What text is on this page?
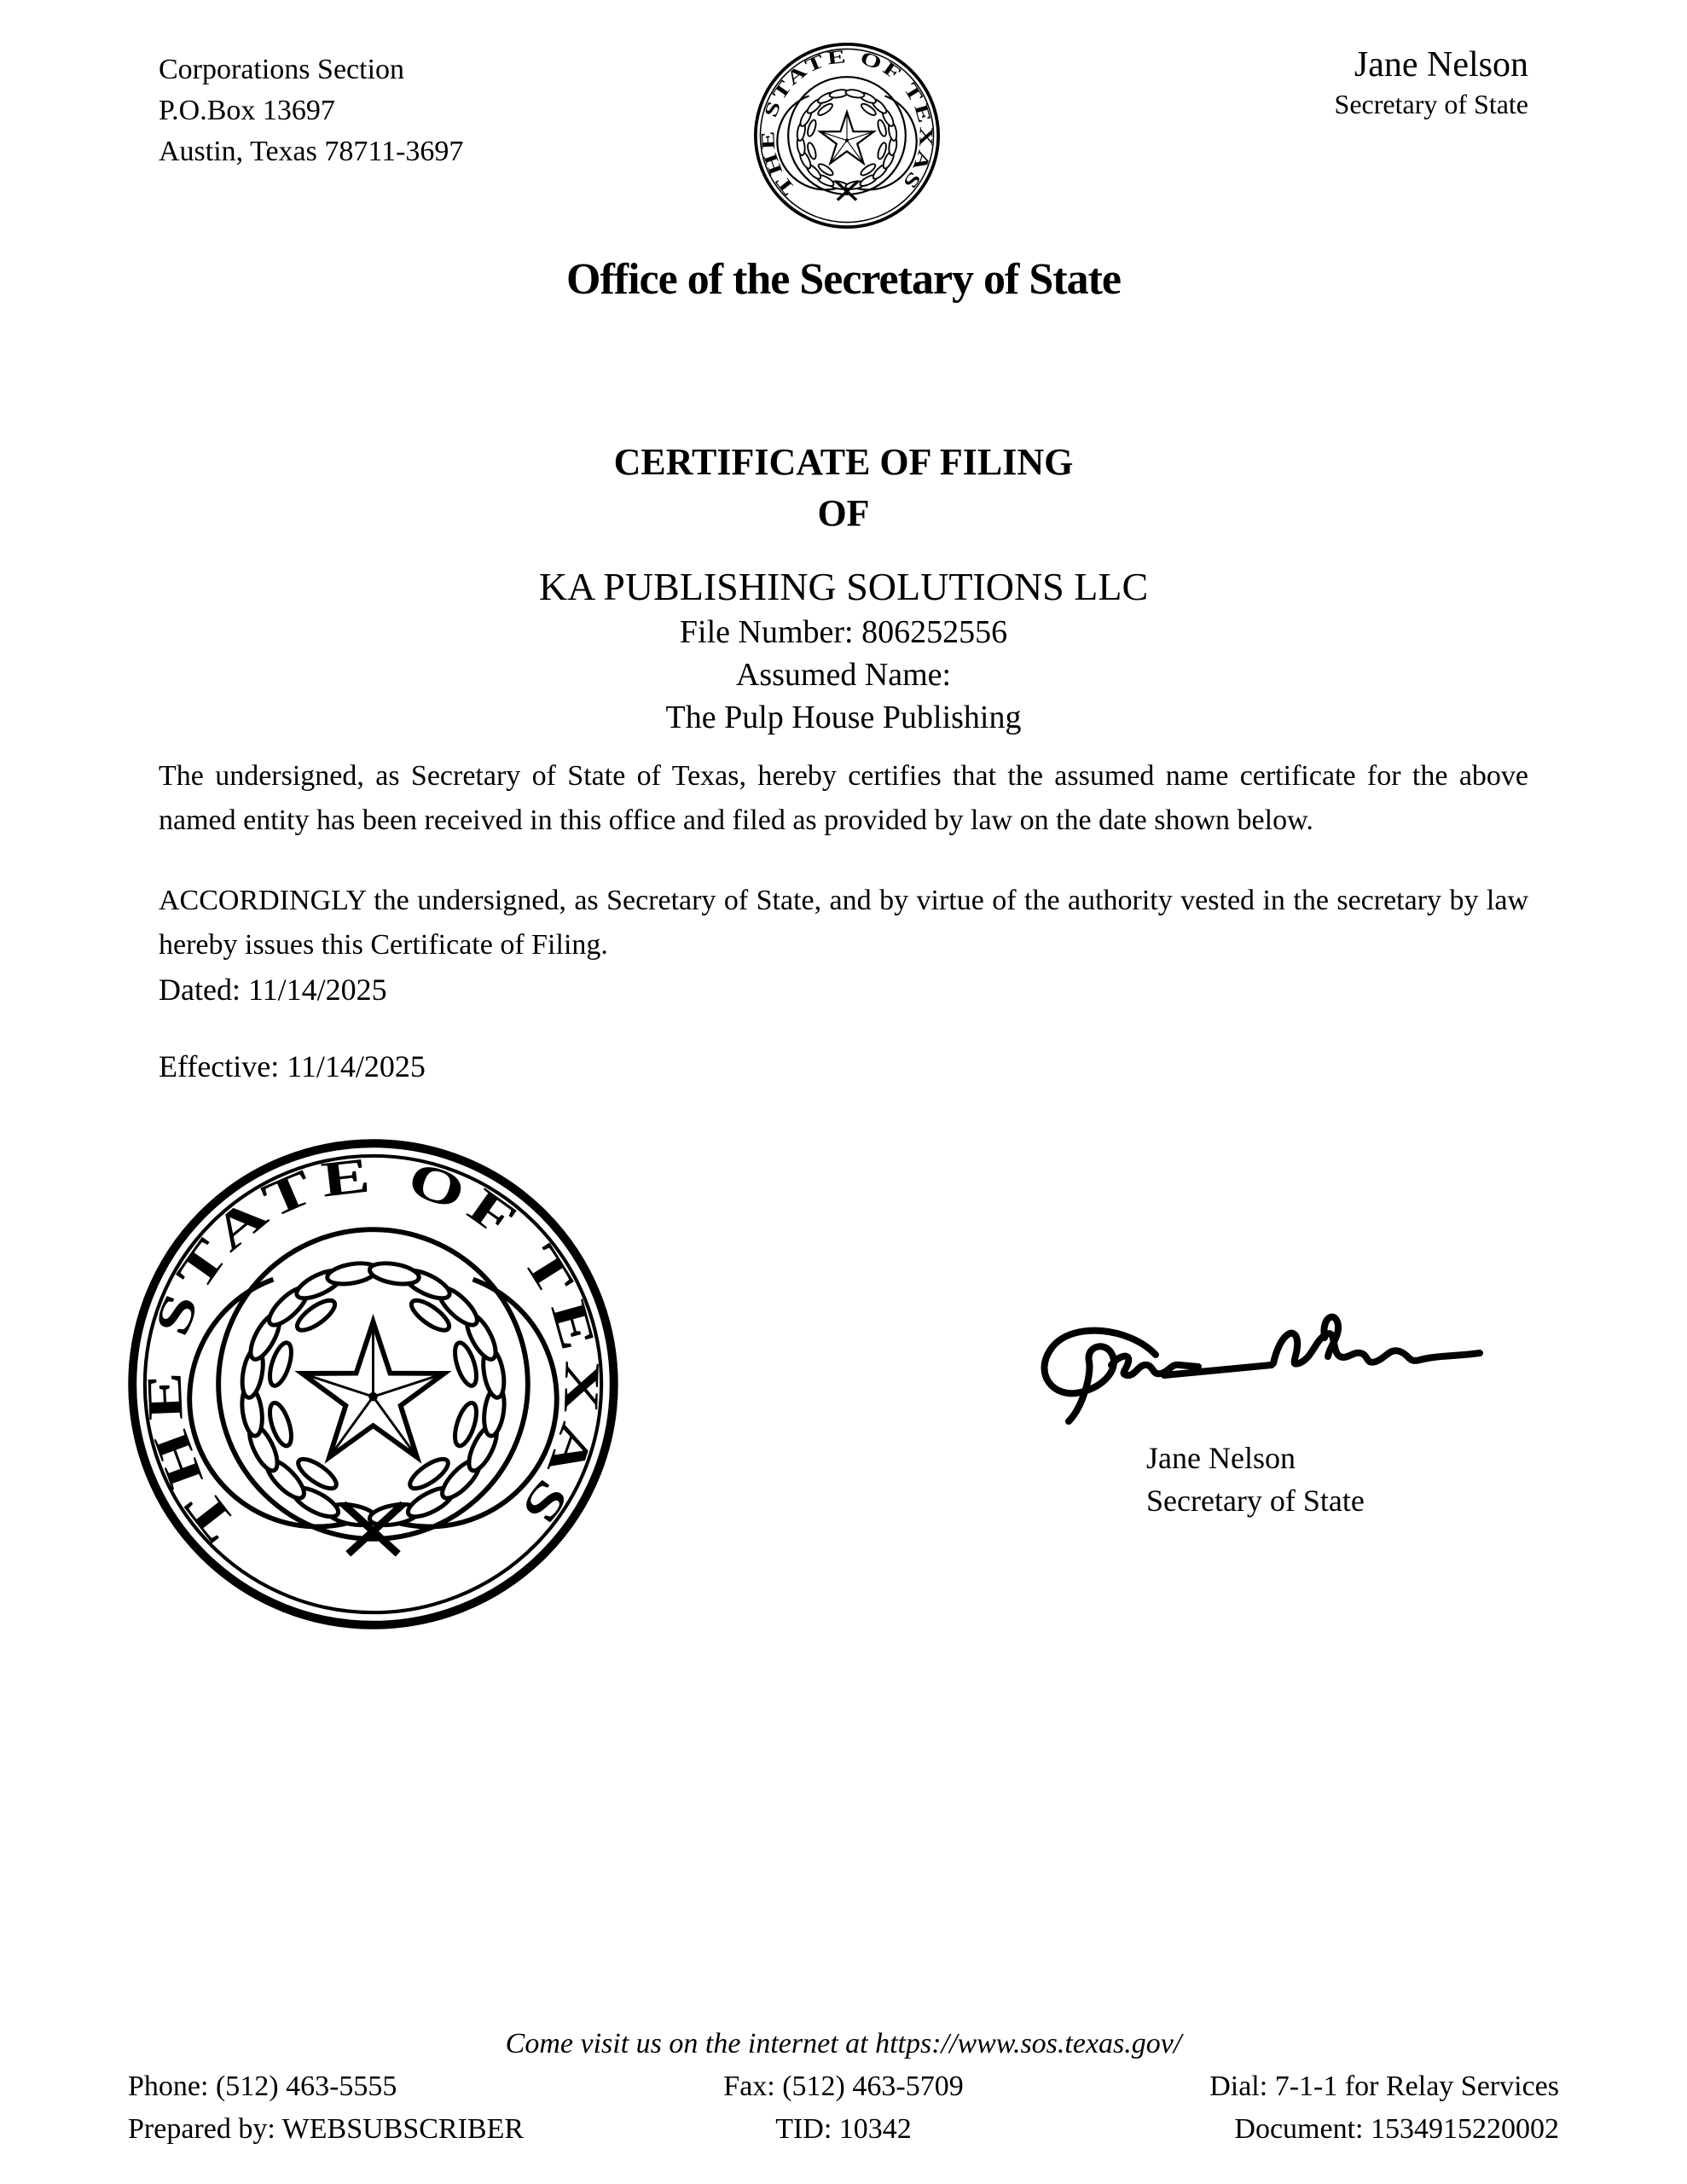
Corporations Section
P.O.Box 13697
Austin, Texas 78711-3697
Jane Nelson
Secretary of State
Office of the Secretary of State
CERTIFICATE OF FILING
OF
KA PUBLISHING SOLUTIONS LLC
File Number: 806252556
Assumed Name:
The Pulp House Publishing

The undersigned, as Secretary of State of Texas, hereby certifies that the assumed name certificate for the above named entity has been received in this office and filed as provided by law on the date shown below.

ACCORDINGLY the undersigned, as Secretary of State, and by virtue of the authority vested in the secretary by law hereby issues this Certificate of Filing.

Dated: 11/14/2025

Effective: 11/14/2025

Jane Nelson
Secretary of State
Come visit us on the internet at https://www.sos.texas.gov/
Phone: (512) 463-5555	Fax: (512) 463-5709	Dial: 7-1-1 for Relay Services
Prepared by: WEBSUBSCRIBER	TID: 10342	Document: 1534915220002
